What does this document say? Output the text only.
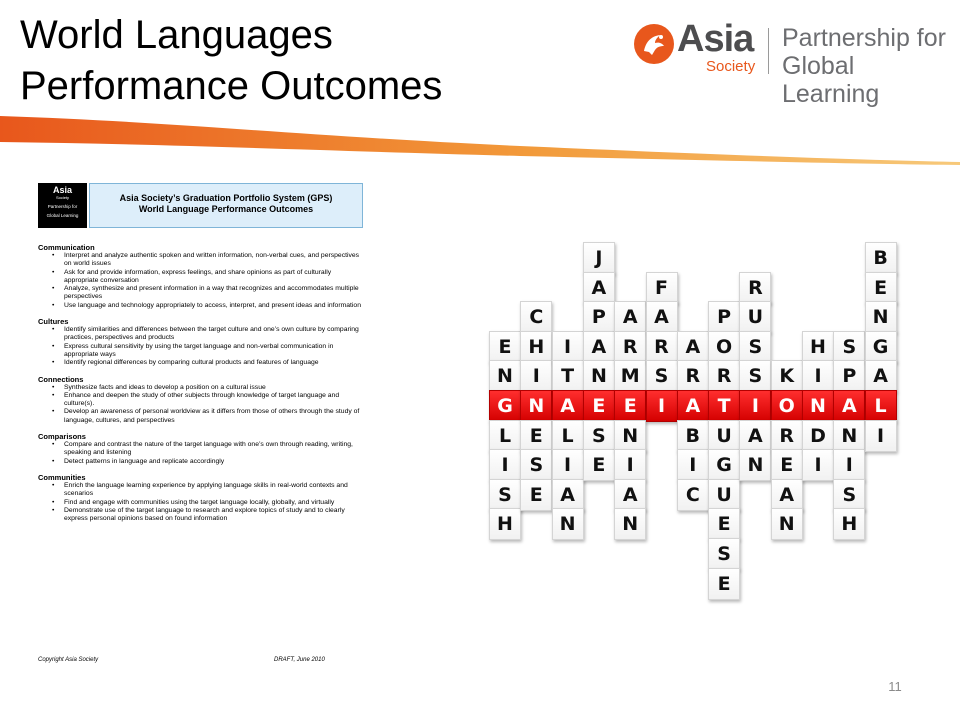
World Languages
Performance Outcomes
Asia
Society
Partnership for
Global Learning
Asia
Society
Partnership for
Global Learning
Asia Society’s Graduation Portfolio System (GPS)
World Language Performance Outcomes
Communication
• Interpret and analyze authentic spoken and written information, non-verbal cues, and perspectives on world issues
• Ask for and provide information, express feelings, and share opinions as part of culturally appropriate conversation
• Analyze, synthesize and present information in a way that recognizes and accommodates multiple perspectives
• Use language and technology appropriately to access, interpret, and present ideas and information
Cultures
• Identify similarities and differences between the target culture and one’s own culture by comparing practices, perspectives and products
• Express cultural sensitivity by using the target language and non-verbal communication in appropriate ways
• Identify regional differences by comparing cultural products and features of language
Connections
• Synthesize facts and ideas to develop a position on a cultural issue
• Enhance and deepen the study of other subjects through knowledge of target language and culture(s).
• Develop an awareness of personal worldview as it differs from those of others through the study of language, cultures, and perspectives
Comparisons
• Compare and contrast the nature of the target language with one’s own through reading, writing, speaking and listening
• Detect patterns in language and replicate accordingly
Communities
• Enrich the language learning experience by applying language skills in real-world contexts and scenarios
• Find and engage with communities using the target language locally, globally, and virtually
• Demonstrate use of the target language to research and explore topics of study and to clearly express personal opinions based on found information
Copyright Asia Society	DRAFT, June 2010
E
N
G
L
I
S
H
C
H
I
N
E
S
E
I
T
A
L
I
A
N
J
A
P
A
N
E
S
E
A
R
M
E
N
I
A
N
F
A
R
S
I
A
R
A
B
I
C
P
O
R
T
U
G
U
E
S
E
R
U
S
S
I
A
N
K
O
R
E
A
N
H
I
N
D
I
S
P
A
N
I
S
H
B
E
N
G
A
L
I
11
